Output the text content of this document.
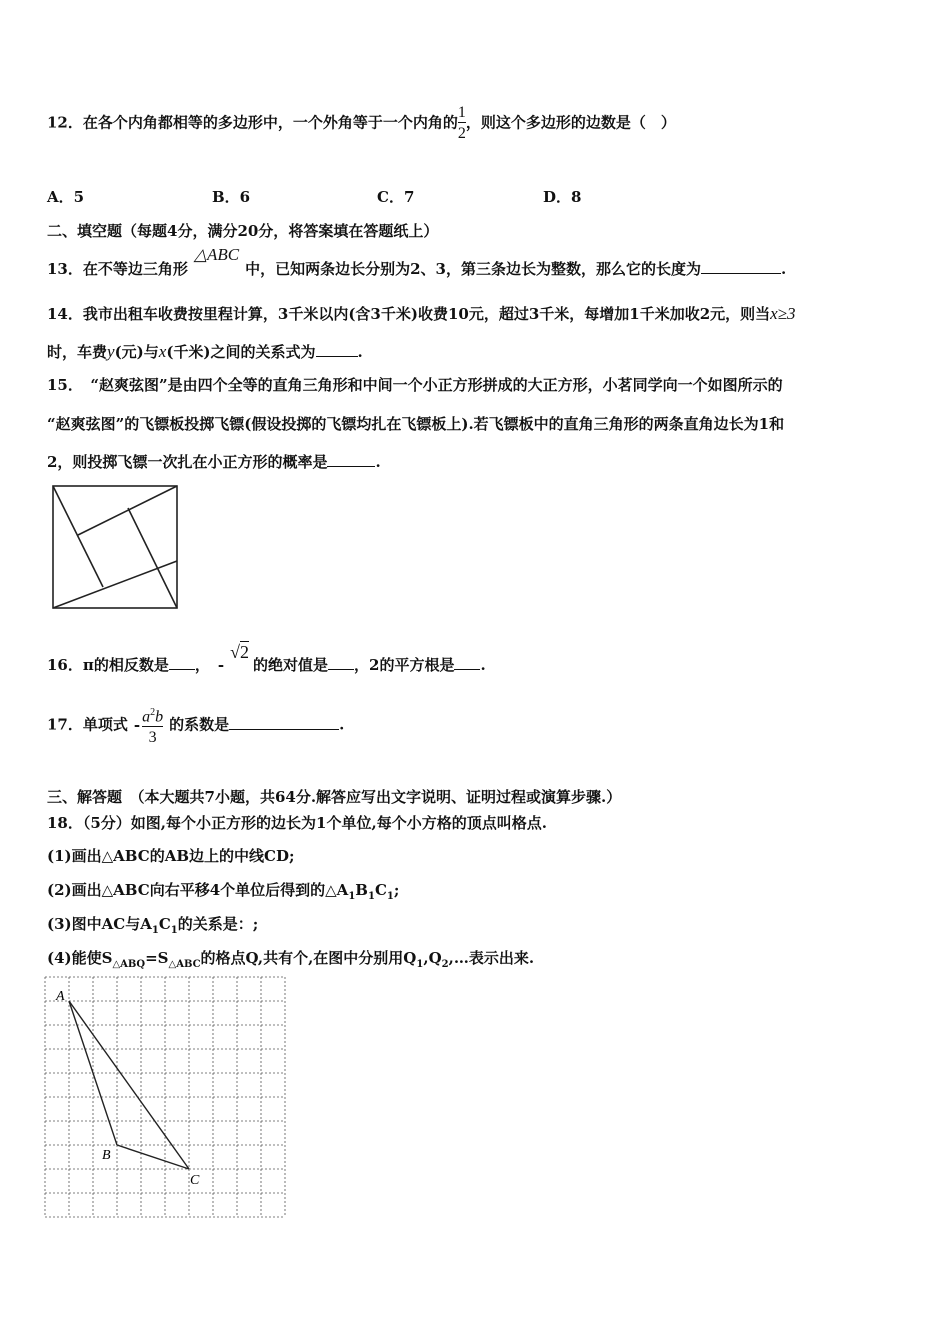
12．在各个内角都相等的多边形中，一个外角等于一个内角的 $\frac{1}{2}$ ，则这个多边形的边数是（　）
A．5	B．6	C．7	D．8
二、填空题（每题4分，满分20分，将答案填在答题纸上）
13．在不等边三角形△ABC中，已知两条边长分别为2、3，第三条边长为整数，那么它的长度为	.
14．我市出租车收费按里程计算，3千米以内(含3千米)收费10元，超过3千米，每增加1千米加收2元，则当x≥3
时，车费y(元)与x(千米)之间的关系式为	.
15．　“赵爽弦图”是由四个全等的直角三角形和中间一个小正方形拼成的大正方形，小茗同学向一个如图所示的
“赵爽弦图”的飞镖板投掷飞镖(假设投掷的飞镖均扎在飞镖板上).若飞镖板中的直角三角形的两条直角边长为1和
2，则投掷飞镖一次扎在小正方形的概率是	.
16．π的相反数是 ， -√2的绝对值是 ，2的平方根是 .
17．单项式 - $\frac{a^2b}{3}$ 的系数是	.
三、解答题　（本大题共7小题，共64分.解答应写出文字说明、证明过程或演算步骤.）
18．（5分）如图,每个小正方形的边长为1个单位,每个小方格的顶点叫格点.
(1)画出△ABC的AB边上的中线CD;
(2)画出△ABC向右平移4个单位后得到的$\triangle A_1B_1C_1$;
(3)图中AC与$A_1C_1$的关系是：;
(4)能使$S_{\triangle ABQ}=S_{\triangle ABC}$的格点Q,共有个,在图中分别用$Q_1,Q_2,\dots$表示出来.
A
B
C
